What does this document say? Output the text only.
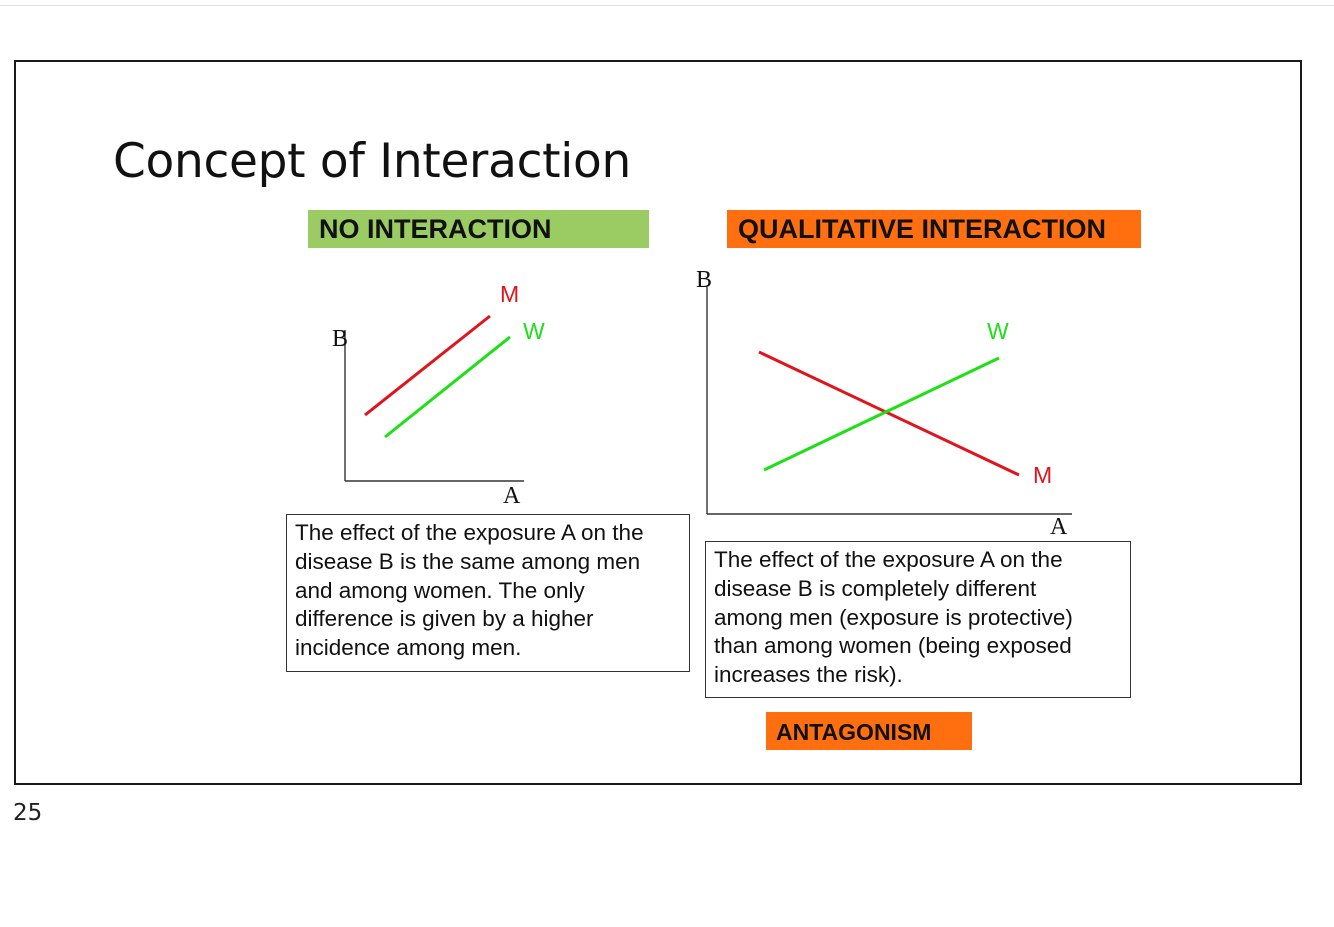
Concept of Interaction
NO INTERACTION	QUALITATIVE INTERACTION
B
A
M
W
B
A
M
W
The effect of the exposure A on the
disease B is the same among men
and among women. The only
difference is given by a higher
incidence among men.
The effect of the exposure A on the
disease B is completely different
among men (exposure is protective)
than among women (being exposed
increases the risk).
ANTAGONISM
25
